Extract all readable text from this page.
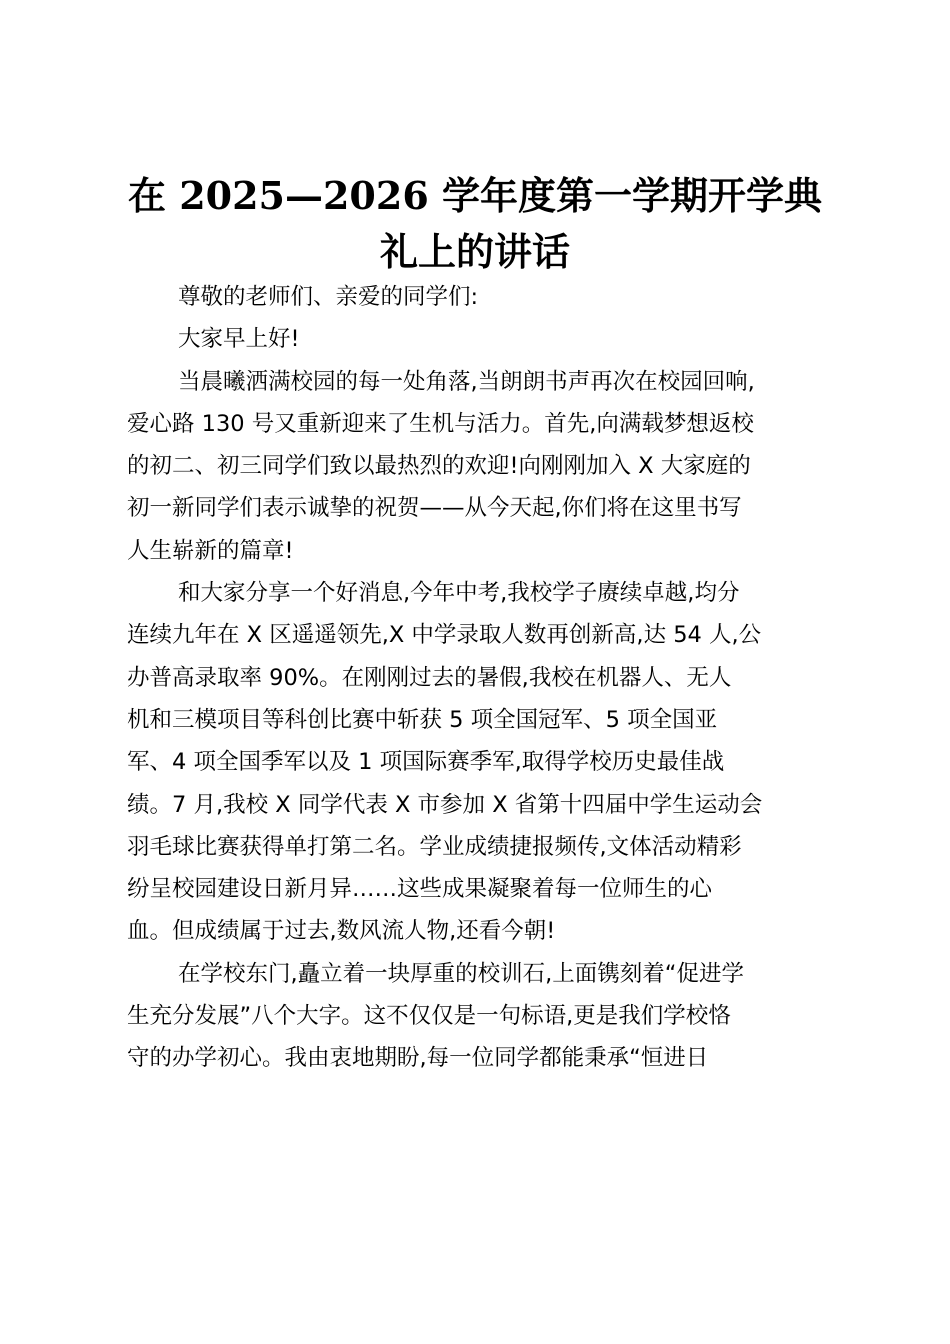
在 2025—2026 学年度第一学期开学典
礼上的讲话

尊敬的老师们、亲爱的同学们:

大家早上好!

当晨曦洒满校园的每一处角落,当朗朗书声再次在校园回响,
爱心路 130 号又重新迎来了生机与活力。首先,向满载梦想返校
的初二、初三同学们致以最热烈的欢迎!向刚刚加入 X 大家庭的
初一新同学们表示诚挚的祝贺——从今天起,你们将在这里书写
人生崭新的篇章!

和大家分享一个好消息,今年中考,我校学子赓续卓越,均分
连续九年在 X 区遥遥领先,X 中学录取人数再创新高,达 54 人,公
办普高录取率 90%。在刚刚过去的暑假,我校在机器人、无人
机和三模项目等科创比赛中斩获 5 项全国冠军、5 项全国亚
军、4 项全国季军以及 1 项国际赛季军,取得学校历史最佳战
绩。7 月,我校 X 同学代表 X 市参加 X 省第十四届中学生运动会
羽毛球比赛获得单打第二名。学业成绩捷报频传,文体活动精彩
纷呈校园建设日新月异……这些成果凝聚着每一位师生的心
血。但成绩属于过去,数风流人物,还看今朝!

在学校东门,矗立着一块厚重的校训石,上面镌刻着“促进学
生充分发展”八个大字。这不仅仅是一句标语,更是我们学校恪
守的办学初心。我由衷地期盼,每一位同学都能秉承“恒进日
